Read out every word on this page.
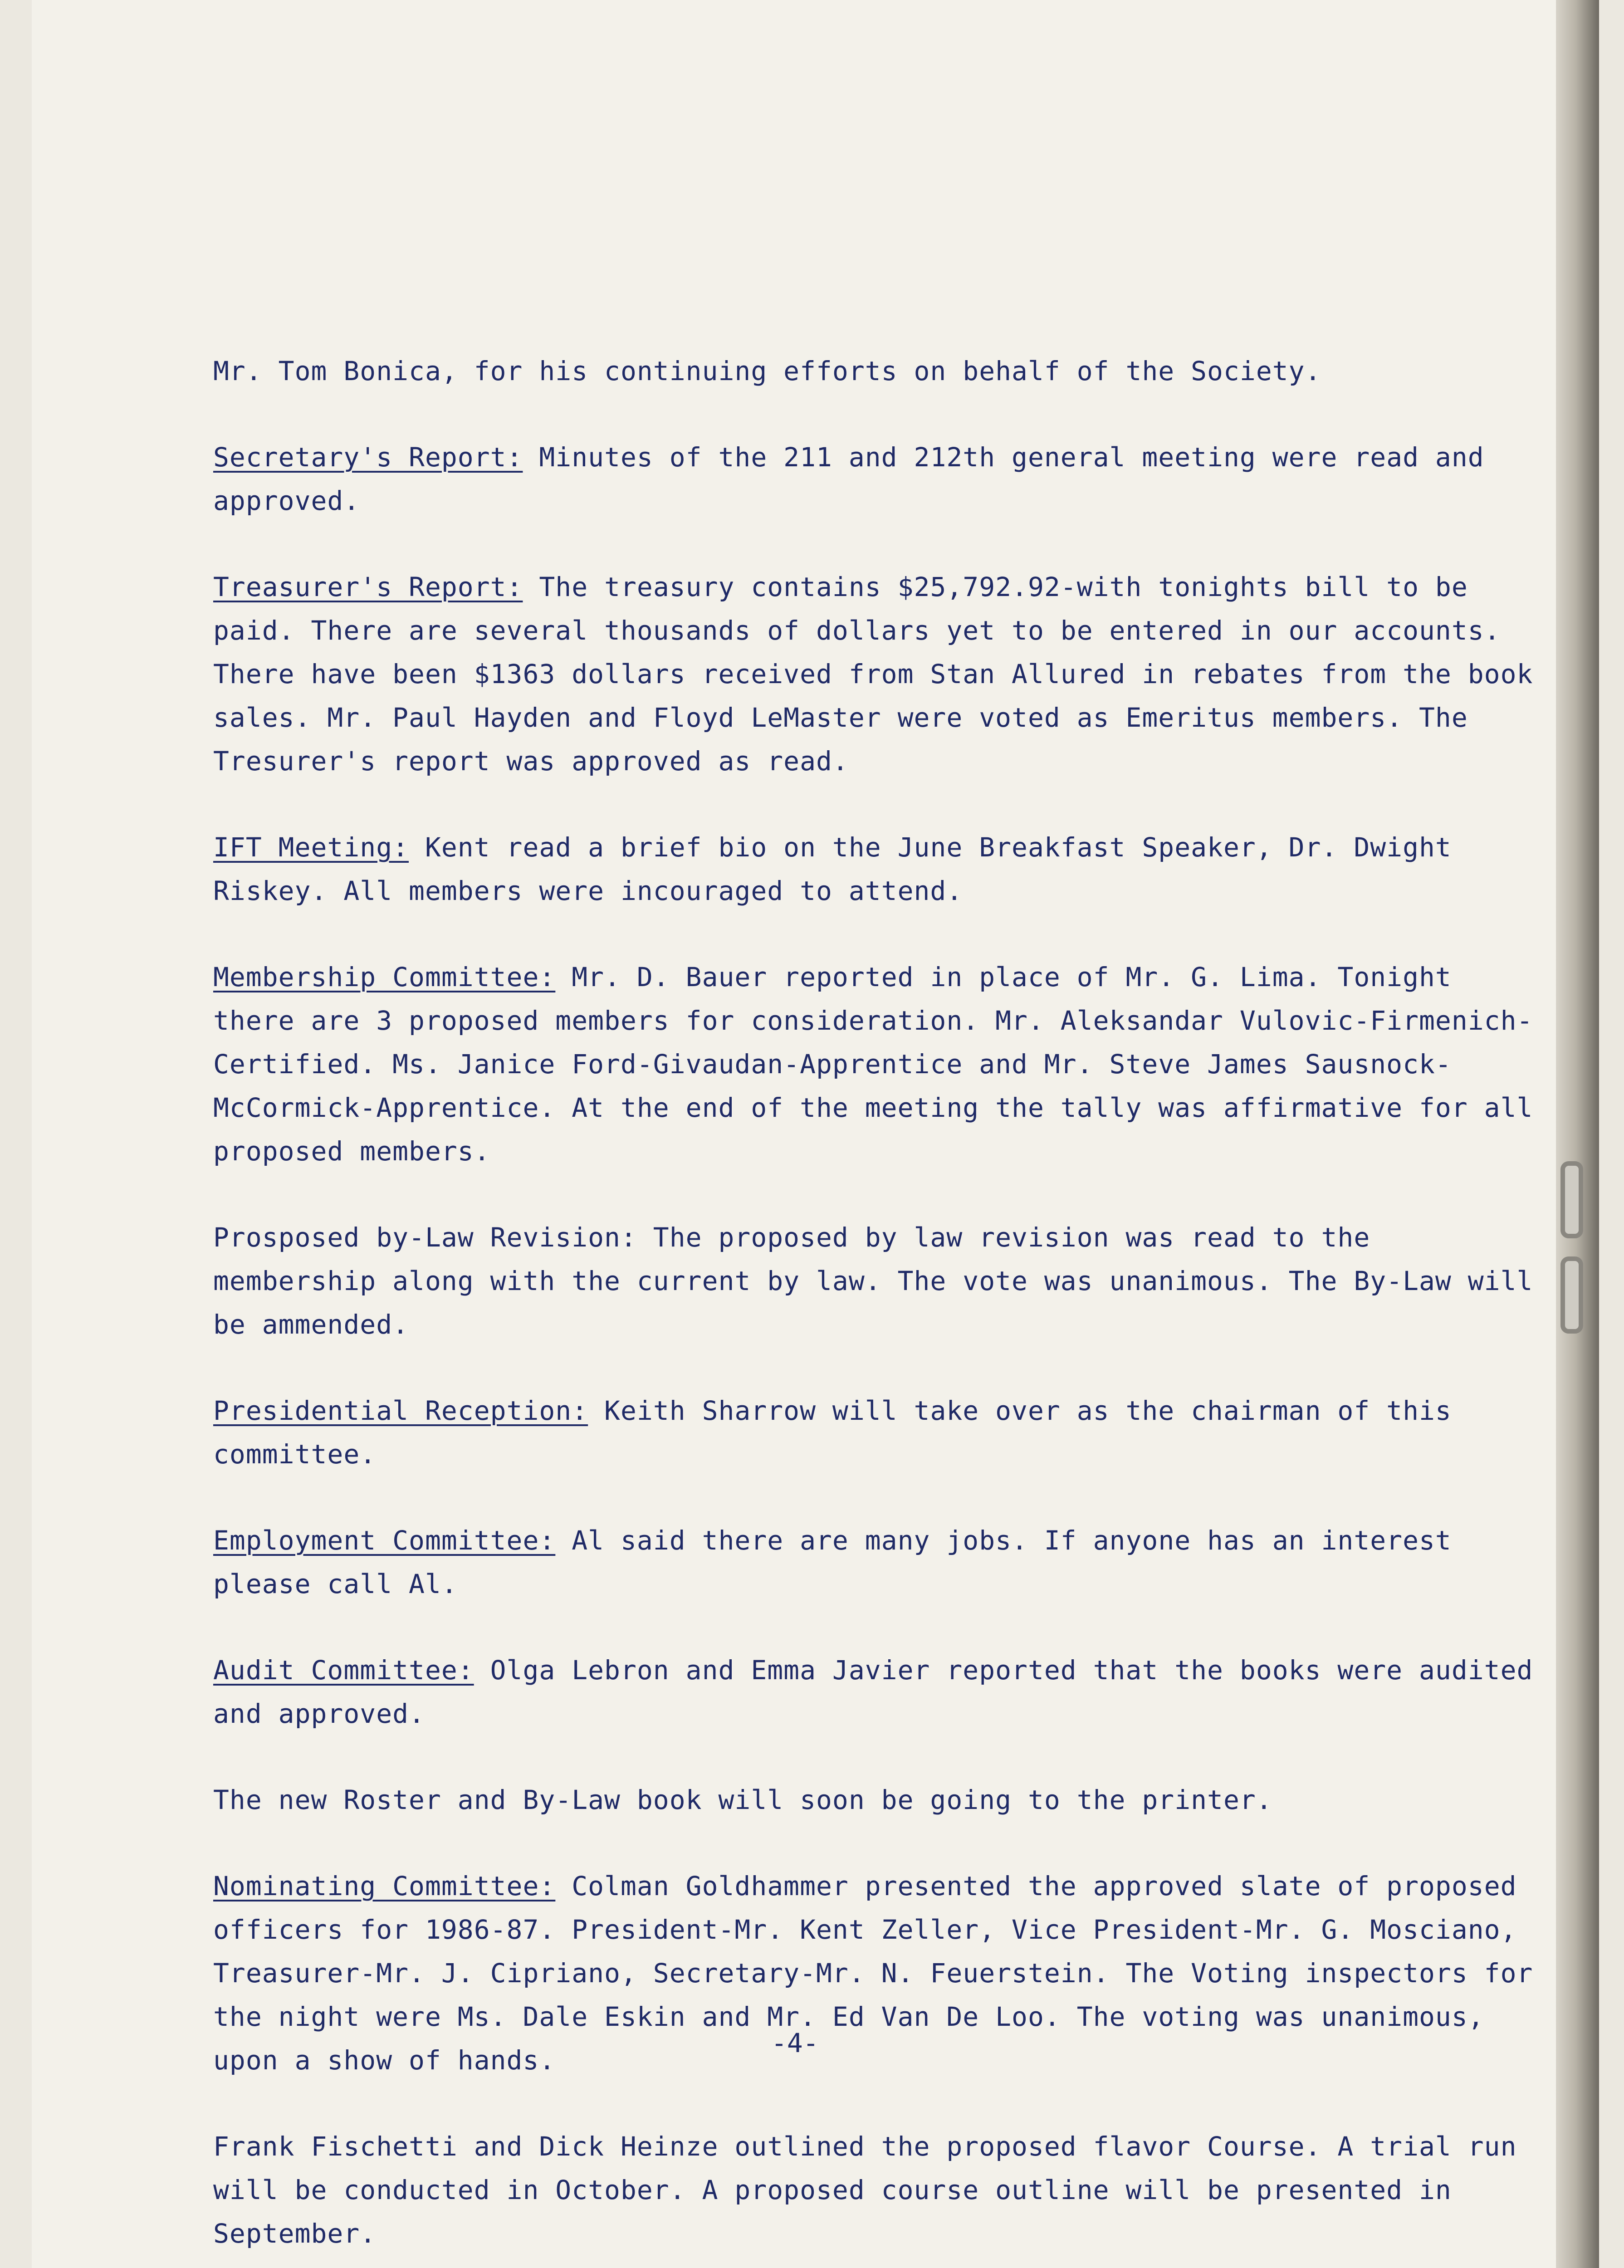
Mr. Tom Bonica, for his continuing efforts on behalf of the Society.

Secretary's Report: Minutes of the 211 and 212th general meeting were read and approved.

Treasurer's Report: The treasury contains $25,792.92-with tonights bill to be paid. There are several thousands of dollars yet to be entered in our accounts. There have been $1363 dollars received from Stan Allured in rebates from the book sales. Mr. Paul Hayden and Floyd LeMaster were voted as Emeritus members. The Tresurer's report was approved as read.

IFT Meeting: Kent read a brief bio on the June Breakfast Speaker, Dr. Dwight Riskey. All members were incouraged to attend.

Membership Committee: Mr. D. Bauer reported in place of Mr. G. Lima. Tonight there are 3 proposed members for consideration. Mr. Aleksandar Vulovic-Firmenich-Certified. Ms. Janice Ford-Givaudan-Apprentice and Mr. Steve James Sausnock-McCormick-Apprentice. At the end of the meeting the tally was affirmative for all proposed members.

Prosposed by-Law Revision: The proposed by law revision was read to the membership along with the current by law. The vote was unanimous. The By-Law will be ammended.

Presidential Reception: Keith Sharrow will take over as the chairman of this committee.

Employment Committee: Al said there are many jobs. If anyone has an interest please call Al.

Audit Committee: Olga Lebron and Emma Javier reported that the books were audited and approved.

The new Roster and By-Law book will soon be going to the printer.

Nominating Committee: Colman Goldhammer presented the approved slate of proposed officers for 1986-87. President-Mr. Kent Zeller, Vice President-Mr. G. Mosciano, Treasurer-Mr. J. Cipriano, Secretary-Mr. N. Feuerstein. The Voting inspectors for the night were Ms. Dale Eskin and Mr. Ed Van De Loo. The voting was unanimous, upon a show of hands.

Frank Fischetti and Dick Heinze outlined the proposed flavor Course. A trial run will be conducted in October. A proposed course outline will be presented in September.

-4-
